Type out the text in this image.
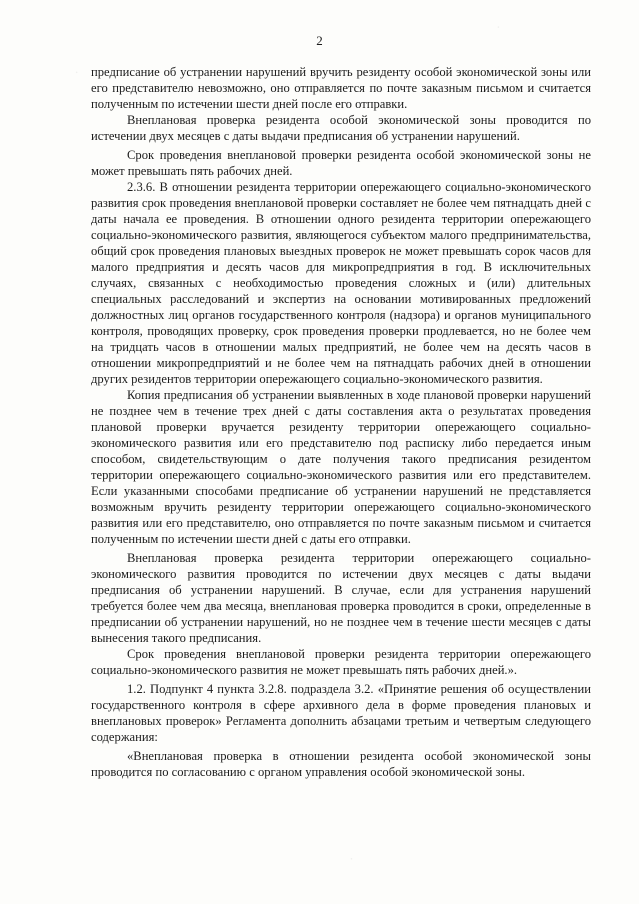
2

предписание об устранении нарушений вручить резиденту особой экономической зоны или его представителю невозможно, оно отправляется по почте заказным письмом и считается полученным по истечении шести дней после его отправки.

Внеплановая проверка резидента особой экономической зоны проводится по истечении двух месяцев с даты выдачи предписания об устранении нарушений.

Срок проведения внеплановой проверки резидента особой экономической зоны не может превышать пять рабочих дней.

2.3.6. В отношении резидента территории опережающего социально-экономического развития срок проведения внеплановой проверки составляет не более чем пятнадцать дней с даты начала ее проведения. В отношении одного резидента территории опережающего социально-экономического развития, являющегося субъектом малого предпринимательства, общий срок проведения плановых выездных проверок не может превышать сорок часов для малого предприятия и десять часов для микропредприятия в год. В исключительных случаях, связанных с необходимостью проведения сложных и (или) длительных специальных расследований и экспертиз на основании мотивированных предложений должностных лиц органов государственного контроля (надзора) и органов муниципального контроля, проводящих проверку, срок проведения проверки продлевается, но не более чем на тридцать часов в отношении малых предприятий, не более чем на десять часов в отношении микропредприятий и не более чем на пятнадцать рабочих дней в отношении других резидентов территории опережающего социально-экономического развития.

Копия предписания об устранении выявленных в ходе плановой проверки нарушений не позднее чем в течение трех дней с даты составления акта о результатах проведения плановой проверки вручается резиденту территории опережающего социально-экономического развития или его представителю под расписку либо передается иным способом, свидетельствующим о дате получения такого предписания резидентом территории опережающего социально-экономического развития или его представителем. Если указанными способами предписание об устранении нарушений не представляется возможным вручить резиденту территории опережающего социально-экономического развития или его представителю, оно отправляется по почте заказным письмом и считается полученным по истечении шести дней с даты его отправки.

Внеплановая проверка резидента территории опережающего социально-экономического развития проводится по истечении двух месяцев с даты выдачи предписания об устранении нарушений. В случае, если для устранения нарушений требуется более чем два месяца, внеплановая проверка проводится в сроки, определенные в предписании об устранении нарушений, но не позднее чем в течение шести месяцев с даты вынесения такого предписания.

Срок проведения внеплановой проверки резидента территории опережающего социально-экономического развития не может превышать пять рабочих дней.».

1.2. Подпункт 4 пункта 3.2.8. подраздела 3.2. «Принятие решения об осуществлении государственного контроля в сфере архивного дела в форме проведения плановых и внеплановых проверок» Регламента дополнить абзацами третьим и четвертым следующего содержания:

«Внеплановая проверка в отношении резидента особой экономической зоны проводится по согласованию с органом управления особой экономической зоны.
